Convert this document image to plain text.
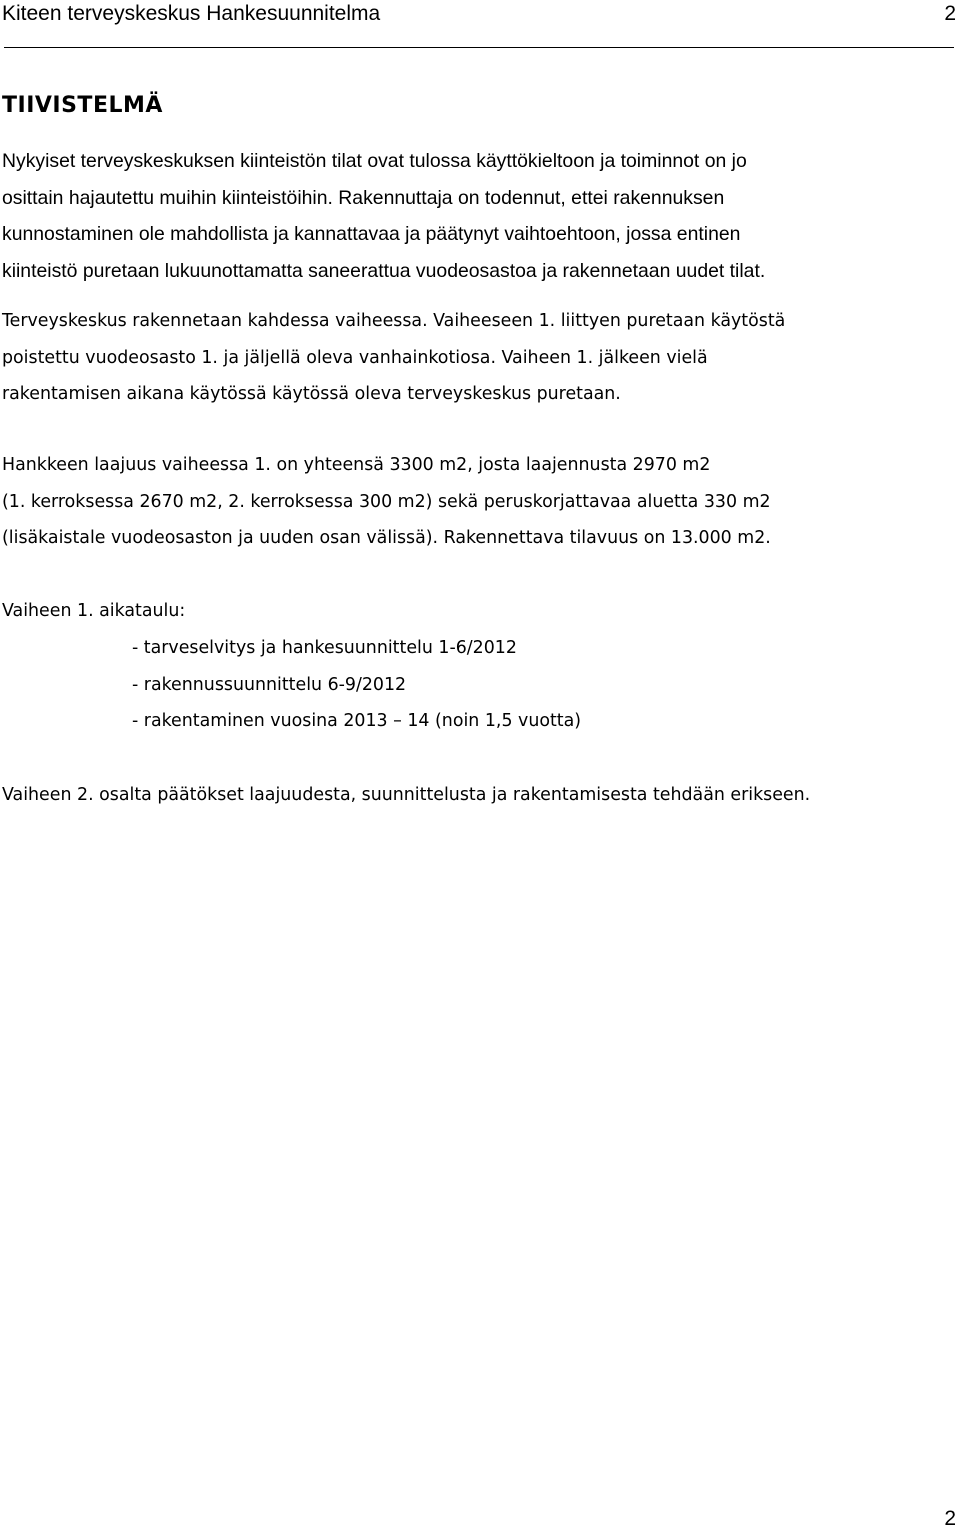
Kiteen terveyskeskus Hankesuunnitelma	2
TIIVISTELMÄ
Nykyiset terveyskeskuksen kiinteistön tilat ovat tulossa käyttökieltoon ja toiminnot on jo
osittain hajautettu muihin kiinteistöihin. Rakennuttaja on todennut, ettei rakennuksen
kunnostaminen ole mahdollista ja kannattavaa ja päätynyt vaihtoehtoon, jossa entinen
kiinteistö puretaan lukuunottamatta saneerattua vuodeosastoa ja rakennetaan uudet tilat.
Terveyskeskus rakennetaan kahdessa vaiheessa. Vaiheeseen 1. liittyen puretaan käytöstä
poistettu vuodeosasto 1. ja jäljellä oleva vanhainkotiosa. Vaiheen 1. jälkeen vielä
rakentamisen aikana käytössä käytössä oleva terveyskeskus puretaan.
Hankkeen laajuus vaiheessa 1. on yhteensä 3300 m2, josta laajennusta 2970 m2
(1. kerroksessa 2670 m2, 2. kerroksessa 300 m2) sekä peruskorjattavaa aluetta 330 m2
(lisäkaistale vuodeosaston ja uuden osan välissä). Rakennettava tilavuus on 13.000 m2.
Vaiheen 1. aikataulu:
- tarveselvitys ja hankesuunnittelu 1-6/2012
- rakennussuunnittelu 6-9/2012
- rakentaminen vuosina 2013 – 14 (noin 1,5 vuotta)
Vaiheen 2. osalta päätökset laajuudesta, suunnittelusta ja rakentamisesta tehdään erikseen.
2
